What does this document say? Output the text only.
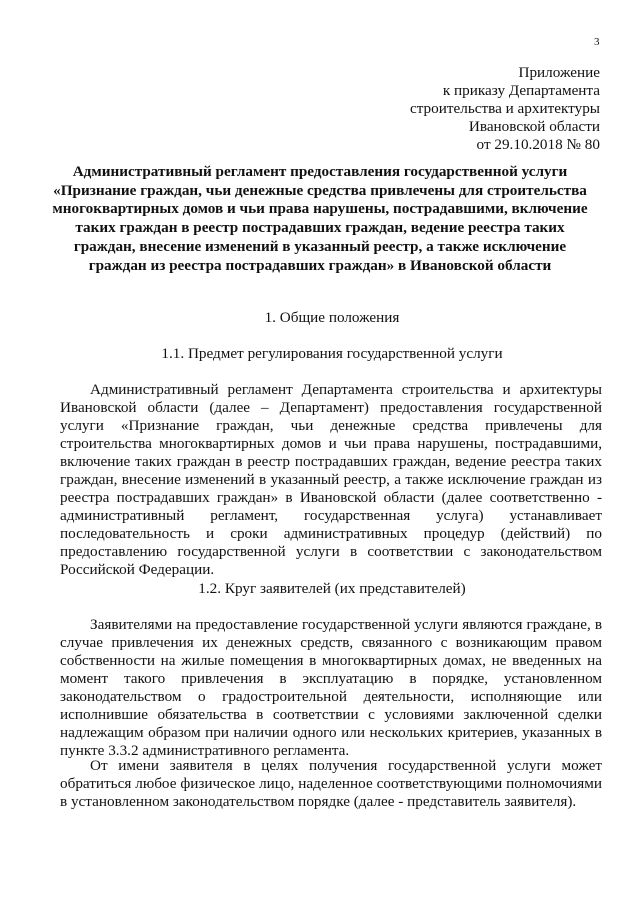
3
Приложение
к приказу Департамента
строительства и архитектуры
Ивановской области
от 29.10.2018 № 80
Административный регламент предоставления государственной услуги «Признание граждан, чьи денежные средства привлечены для строительства многоквартирных домов и чьи права нарушены, пострадавшими, включение таких граждан в реестр пострадавших граждан, ведение реестра таких граждан, внесение изменений в указанный реестр, а также исключение граждан из реестра пострадавших граждан» в Ивановской области
1. Общие положения
1.1. Предмет регулирования государственной услуги
Административный регламент Департамента строительства и архитектуры Ивановской области (далее – Департамент) предоставления государственной услуги «Признание граждан, чьи денежные средства привлечены для строительства многоквартирных домов и чьи права нарушены, пострадавшими, включение таких граждан в реестр пострадавших граждан, ведение реестра таких граждан, внесение изменений в указанный реестр, а также исключение граждан из реестра пострадавших граждан» в Ивановской области (далее соответственно - административный регламент, государственная услуга) устанавливает последовательность и сроки административных процедур (действий) по предоставлению государственной услуги в соответствии с законодательством Российской Федерации.
1.2. Круг заявителей (их представителей)
Заявителями на предоставление государственной услуги являются граждане, в случае привлечения их денежных средств, связанного с возникающим правом собственности на жилые помещения в многоквартирных домах, не введенных на момент такого привлечения в эксплуатацию в порядке, установленном законодательством о градостроительной деятельности, исполняющие или исполнившие обязательства в соответствии с условиями заключенной сделки надлежащим образом при наличии одного или нескольких критериев, указанных в пункте 3.3.2 административного регламента.
От имени заявителя в целях получения государственной услуги может обратиться любое физическое лицо, наделенное соответствующими полномочиями в установленном законодательством порядке (далее - представитель заявителя).
